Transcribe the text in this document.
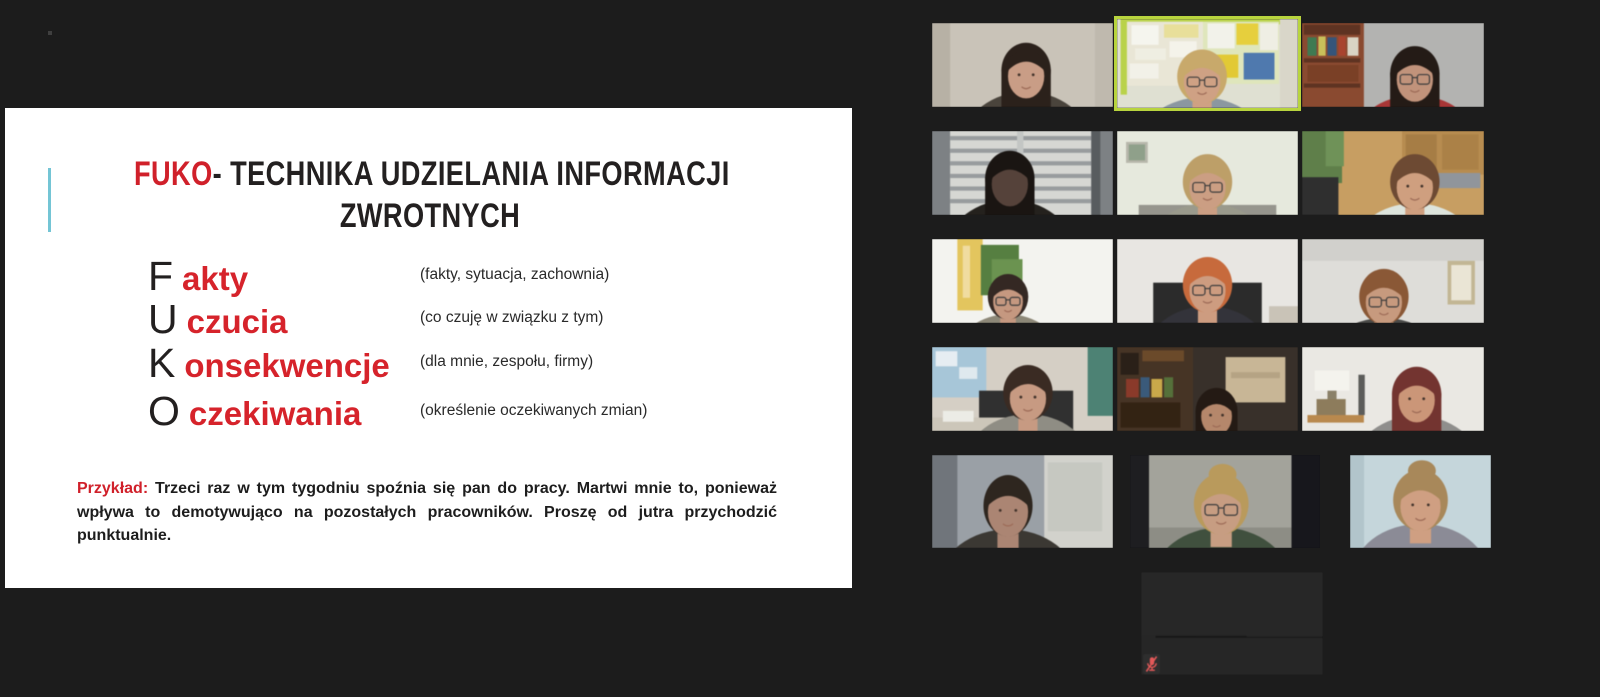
FUKO- TECHNIKA UDZIELANIA INFORMACJI
ZWROTNYCH
F akty	(fakty, sytuacja, zachownia)
U czucia	(co czuję w związku z tym)
K onsekwencje (dla mnie, zespołu, firmy)
O czekiwania	(określenie oczekiwanych zmian)

Przykład: Trzeci raz w tym tygodniu spoźnia się pan do pracy. Martwi mnie to, ponieważ wpływa to demotywująco na pozostałych pracowników. Proszę od jutra przychodzić punktualnie.
